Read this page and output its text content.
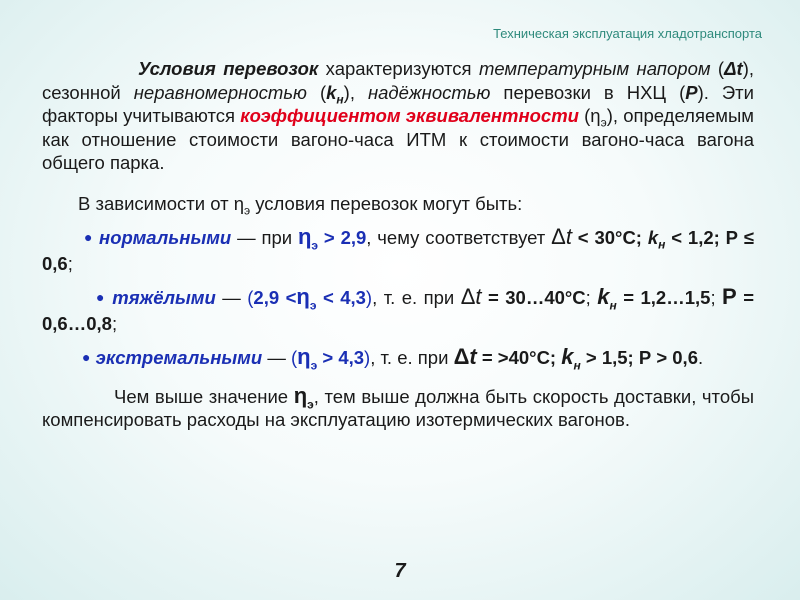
Техническая эксплуатация хладотранспорта

Условия перевозок характеризуются температурным напором (Δt), сезонной неравномерностью $(k_н)$, надёжностью перевозки в НХЦ (Р). Эти факторы учитываются коэффициентом эквивалентности $(\eta_э)$, определяемым как отношение стоимости вагоно-часа ИТМ к стоимости вагоно-часа вагона общего парка.

В зависимости от $\eta_э$ условия перевозок могут быть:

● нормальными — при $\eta_э > 2,9$, чему соответствует Δt < 30°С; $k_н < 1,2$; Р ≤ 0,6;

● тяжёлыми — $(2,9 <\eta_э < 4,3)$, т. е. при Δt = 30…40°С; $k_н$ = 1,2…1,5; Р = 0,6…0,8;

● экстремальными — $(\eta_э > 4,3)$, т. е. при Δt = >40°С; $k_н > 1,5$; Р > 0,6.

Чем выше значение $\eta_э$, тем выше должна быть скорость доставки, чтобы компенсировать расходы на эксплуатацию изотермических вагонов.

7
